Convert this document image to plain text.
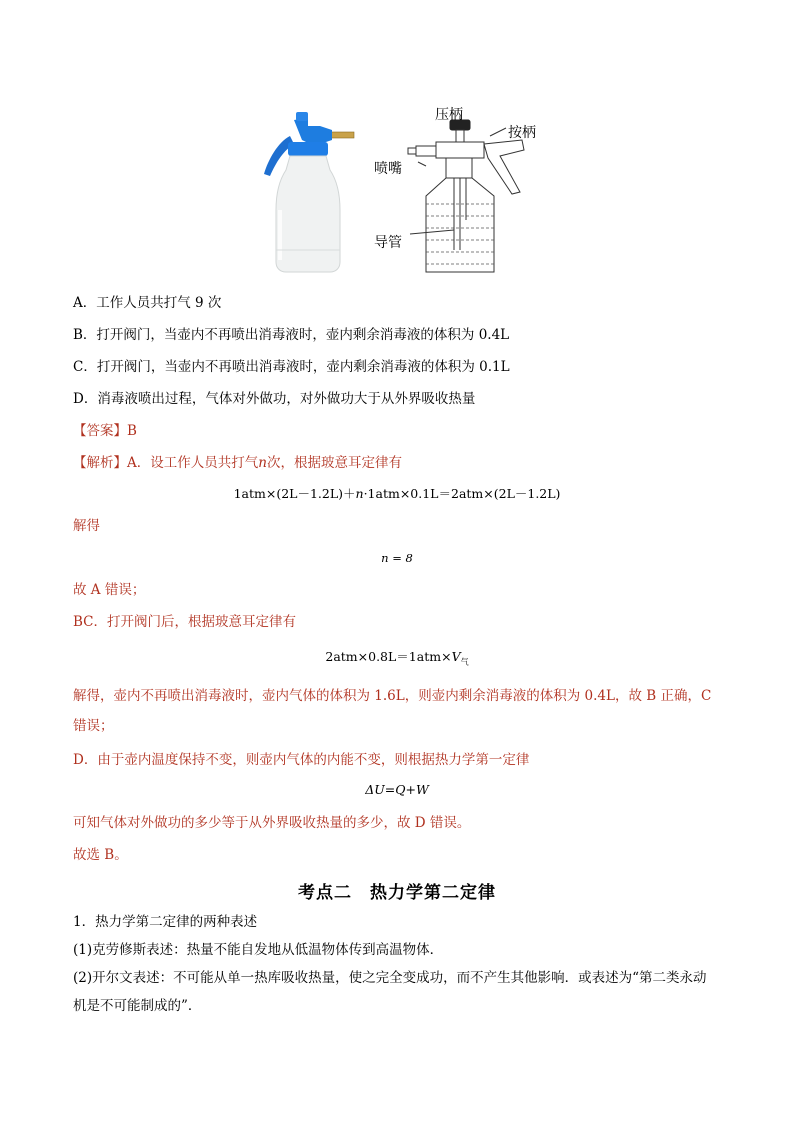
压柄
按柄
喷嘴
导管
A．工作人员共打气 9 次
B．打开阀门，当壶内不再喷出消毒液时，壶内剩余消毒液的体积为 0.4L
C．打开阀门，当壶内不再喷出消毒液时，壶内剩余消毒液的体积为 0.1L
D．消毒液喷出过程，气体对外做功，对外做功大于从外界吸收热量
【答案】B
【解析】A．设工作人员共打气n次，根据玻意耳定律有
1atm×(2L－1.2L)＋n·1atm×0.1L＝2atm×(2L－1.2L)
解得
n = 8
故 A 错误；
BC．打开阀门后，根据玻意耳定律有
$2atm\times 0.8L=1atm\times V_气$
解得，壶内不再喷出消毒液时，壶内气体的体积为 1.6L，则壶内剩余消毒液的体积为 0.4L，故 B 正确，C
错误；
D．由于壶内温度保持不变，则壶内气体的内能不变，则根据热力学第一定律
ΔU=Q+W
可知气体对外做功的多少等于从外界吸收热量的多少，故 D 错误。
故选 B。
考点二　热力学第二定律
1．热力学第二定律的两种表述
(1)克劳修斯表述：热量不能自发地从低温物体传到高温物体．
(2)开尔文表述：不可能从单一热库吸收热量，使之完全变成功，而不产生其他影响．或表述为“第二类永动
机是不可能制成的”．
